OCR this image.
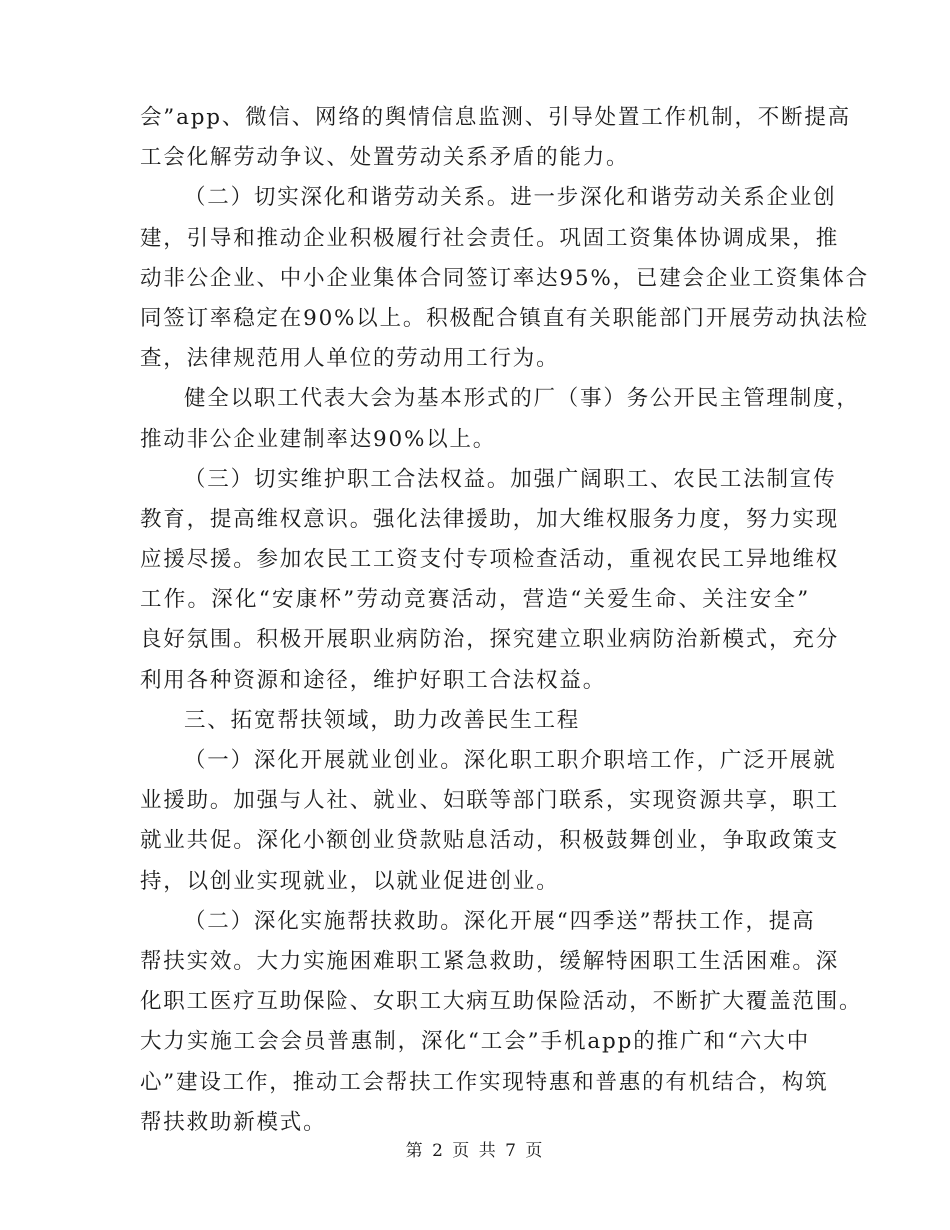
会”app、微信、网络的舆情信息监测、引导处置工作机制，不断提高
工会化解劳动争议、处置劳动关系矛盾的能力。
（二）切实深化和谐劳动关系。进一步深化和谐劳动关系企业创
建，引导和推动企业积极履行社会责任。巩固工资集体协调成果，推
动非公企业、中小企业集体合同签订率达95%，已建会企业工资集体合
同签订率稳定在90%以上。积极配合镇直有关职能部门开展劳动执法检
查，法律规范用人单位的劳动用工行为。
健全以职工代表大会为基本形式的厂（事）务公开民主管理制度，
推动非公企业建制率达90%以上。
（三）切实维护职工合法权益。加强广阔职工、农民工法制宣传
教育，提高维权意识。强化法律援助，加大维权服务力度，努力实现
应援尽援。参加农民工工资支付专项检查活动，重视农民工异地维权
工作。深化“安康杯”劳动竞赛活动，营造“关爱生命、关注安全”
良好氛围。积极开展职业病防治，探究建立职业病防治新模式，充分
利用各种资源和途径，维护好职工合法权益。
三、拓宽帮扶领域，助力改善民生工程
（一）深化开展就业创业。深化职工职介职培工作，广泛开展就
业援助。加强与人社、就业、妇联等部门联系，实现资源共享，职工
就业共促。深化小额创业贷款贴息活动，积极鼓舞创业，争取政策支
持，以创业实现就业，以就业促进创业。
（二）深化实施帮扶救助。深化开展“四季送”帮扶工作，提高
帮扶实效。大力实施困难职工紧急救助，缓解特困职工生活困难。深
化职工医疗互助保险、女职工大病互助保险活动，不断扩大覆盖范围。
大力实施工会会员普惠制，深化“工会”手机app的推广和“六大中
心”建设工作，推动工会帮扶工作实现特惠和普惠的有机结合，构筑
帮扶救助新模式。
第 2 页 共 7 页
